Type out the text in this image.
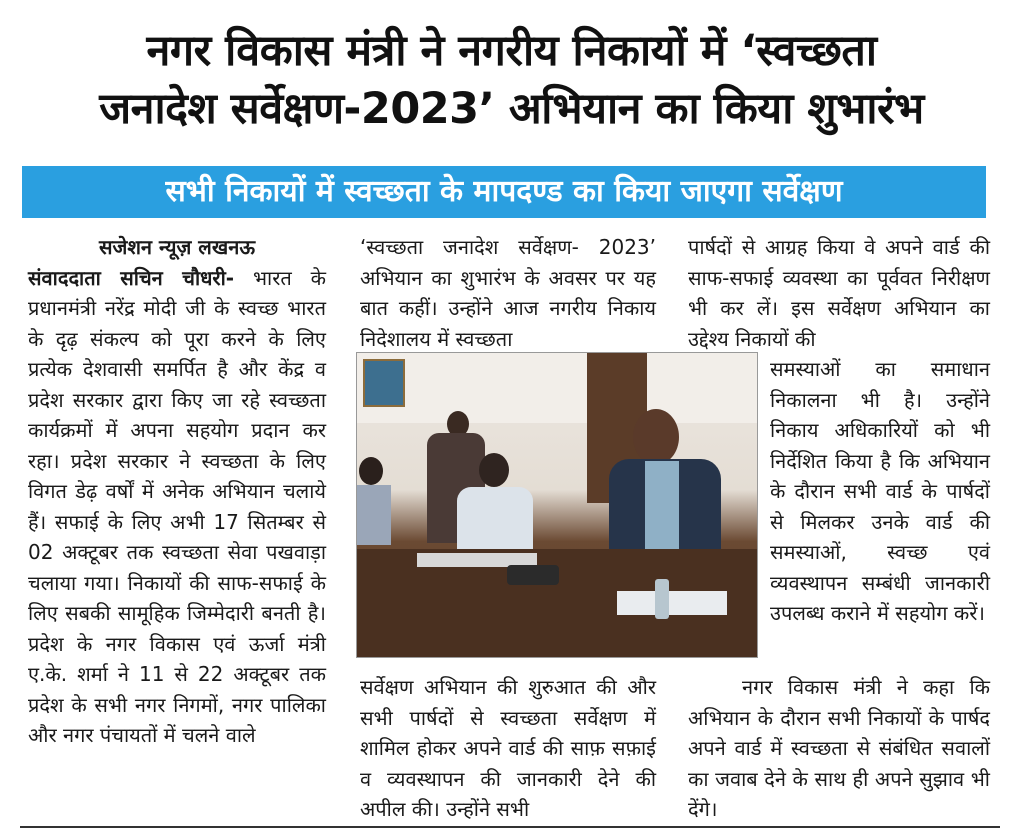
नगर विकास मंत्री ने नगरीय निकायों में ‘स्वच्छता
जनादेश सर्वेक्षण-2023’ अभियान का किया शुभारंभ
सभी निकायों में स्वच्छता के मापदण्ड का किया जाएगा सर्वेक्षण
सजेशन न्यूज़ लखनऊ

संवाददाता सचिन चौधरी- भारत के प्रधानमंत्री नरेंद्र मोदी जी के स्वच्छ भारत के दृढ़ संकल्प को पूरा करने के लिए प्रत्येक देशवासी समर्पित है और केंद्र व प्रदेश सरकार द्वारा किए जा रहे स्वच्छता कार्यक्रमों में अपना सहयोग प्रदान कर रहा। प्रदेश सरकार ने स्वच्छता के लिए विगत डेढ़ वर्षों में अनेक अभियान चलाये हैं। सफाई के लिए अभी 17 सितम्बर से 02 अक्टूबर तक स्वच्छता सेवा पखवाड़ा चलाया गया। निकायों की साफ-सफाई के लिए सबकी सामूहिक जिम्मेदारी बनती है। प्रदेश के नगर विकास एवं ऊर्जा मंत्री ए.के. शर्मा ने 11 से 22 अक्टूबर तक प्रदेश के सभी नगर निगमों, नगर पालिका और नगर पंचायतों में चलने वाले

‘स्वच्छता जनादेश सर्वेक्षण- 2023’ अभियान का शुभारंभ के अवसर पर यह बात कहीं। उन्होंने आज नगरीय निकाय निदेशालय में स्वच्छता

सर्वेक्षण अभियान की शुरुआत की और सभी पार्षदों से स्वच्छता सर्वेक्षण में शामिल होकर अपने वार्ड की साफ़ सफ़ाई व व्यवस्थापन की जानकारी देने की अपील की। उन्होंने सभी

पार्षदों से आग्रह किया वे अपने वार्ड की साफ-सफाई व्यवस्था का पूर्ववत निरीक्षण भी कर लें। इस सर्वेक्षण अभियान का उद्देश्य निकायों की

समस्याओं का समाधान निकालना भी है। उन्होंने निकाय अधिकारियों को भी निर्देशित किया है कि अभियान के दौरान सभी वार्ड के पार्षदों से मिलकर उनके वार्ड की समस्याओं, स्वच्छ एवं व्यवस्थापन सम्बंधी जानकारी उपलब्ध कराने में सहयोग करें।

नगर विकास मंत्री ने कहा कि अभियान के दौरान सभी निकायों के पार्षद अपने वार्ड में स्वच्छता से संबंधित सवालों का जवाब देने के साथ ही अपने सुझाव भी देंगे।
